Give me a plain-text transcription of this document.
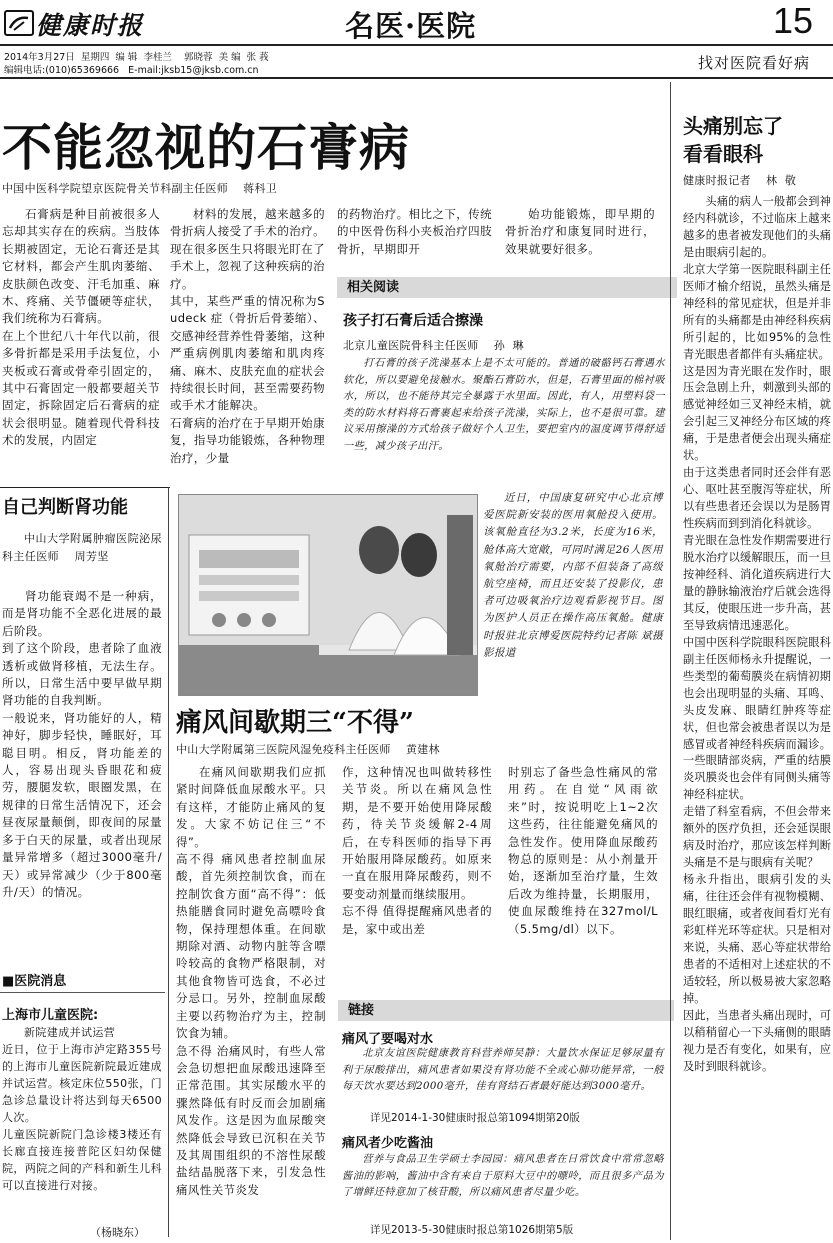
健康时报	名医·医院	15
2014年3月27日  星期四  编 辑  李桂兰    郭晓蓉  美 编  张 莪
编辑电话:(010)65369666   E-mail:jksb15@jksb.com.cn	找对医院看好病
不能忽视的石膏病
中国中医科学院望京医院骨关节科副主任医师    蒋科卫
石膏病是种目前被很多人忘却其实存在的疾病。当肢体长期被固定，无论石膏还是其它材料，都会产生肌肉萎缩、皮肤颜色改变、汗毛加重、麻木、疼痛、关节僵硬等症状，我们统称为石膏病。
在上个世纪八十年代以前，很多骨折都是采用手法复位，小夹板或石膏或骨牵引固定的，其中石膏固定一般都要超关节固定，拆除固定后石膏病的症状会很明显。随着现代骨科技术的发展，内固定
材料的发展，越来越多的骨折病人接受了手术的治疗。现在很多医生只将眼光盯在了手术上，忽视了这种疾病的治疗。
其中，某些严重的情况称为Sudeck 症（骨折后骨萎缩）、交感神经营养性骨萎缩，这种严重病例肌肉萎缩和肌肉疼痛、麻木、皮肤充血的症状会持续很长时间，甚至需要药物或手术才能解决。
石膏病的治疗在于早期开始康复，指导功能锻炼，各种物理治疗，少量
的药物治疗。相比之下，传统的中医骨伤科小夹板治疗四肢骨折，早期即开
始功能锻炼，即早期的骨折治疗和康复同时进行，效果就要好很多。
相关阅读
孩子打石膏后适合擦澡
北京儿童医院骨科主任医师    孙  琳
打石膏的孩子洗澡基本上是不太可能的。普通的破骼钙石膏遇水软化，所以要避免接触水。聚酯石膏防水，但是，石膏里面的棉衬吸水，所以，也不能待其完全暴露于水里面。因此，有人，用塑料袋一类的防水材料将石膏裹起来给孩子洗澡，实际上，也不是很可靠。建议采用擦澡的方式给孩子做好个人卫生，要把室内的温度调节得舒适一些，减少孩子出汗。
近日，中国康复研究中心北京博爱医院新安装的医用氧舱投入使用。该氧舱直径为3.2米，长度为16米，舱体高大宽敞，可同时满足26人医用氧舱治疗需要，内部不但装备了高级航空座椅，而且还安装了投影仪，患者可边吸氧治疗边观看影视节目。图为医护人员正在操作高压氧舱。健康时报驻北京博爱医院特约记者陈 斌摄影报道
自己判断肾功能
中山大学附属肿瘤医院泌尿科主任医师    周芳坚
肾功能衰竭不是一种病，而是肾功能不全恶化进展的最后阶段。
到了这个阶段，患者除了血液透析或做肾移植，无法生存。所以，日常生活中要早做早期肾功能的自我判断。
一般说来，肾功能好的人，精神好，脚步轻快，睡眠好，耳聪目明。相反，肾功能差的人，容易出现头昏眼花和疲劳，腰腿发软，眼圈发黑，在规律的日常生活情况下，还会昼夜尿量颠倒，即夜间的尿量多于白天的尿量，或者出现尿量异常增多（超过3000毫升/天）或异常减少（少于800毫升/天）的情况。
■医院消息
上海市儿童医院:
新院建成并试运营
近日，位于上海市泸定路355号的上海市儿童医院新院最近建成并试运营。核定床位550张，门急诊总量设计将达到每天6500人次。
儿童医院新院门急诊楼3楼还有长廊直接连接普陀区妇幼保健院，两院之间的产科和新生儿科可以直接进行对接。
（杨晓东）
痛风间歇期三“不得”
中山大学附属第三医院风湿免疫科主任医师    黄建林
在痛风间歇期我们应抓紧时间降低血尿酸水平。只有这样，才能防止痛风的复发。大家不妨记住三“不得”。
高不得 痛风患者控制血尿酸，首先须控制饮食，而在控制饮食方面“高不得”：低热能膳食同时避免高嘌呤食物，保持理想体重。在间歇期除对酒、动物内脏等含嘌呤较高的食物严格限制，对其他食物皆可选食，不必过分忌口。另外，控制血尿酸主要以药物治疗为主，控制饮食为辅。
急不得 治痛风时，有些人常会急切想把血尿酸迅速降至正常范围。其实尿酸水平的骤然降低有时反而会加剧痛风发作。这是因为血尿酸突然降低会导致已沉积在关节及其周围组织的不溶性尿酸盐结晶脱落下来，引发急性痛风性关节炎发
作，这种情况也叫做转移性关节炎。所以在痛风急性期，是不要开始使用降尿酸药，待关节炎缓解2-4周后，在专科医师的指导下再开始服用降尿酸药。如原来一直在服用降尿酸药，则不要变动剂量而继续服用。
忘不得 值得提醒痛风患者的是，家中或出差
时别忘了备些急性痛风的常用药。在自觉“风雨欲来”时，按说明吃上1~2次这些药，往往能避免痛风的急性发作。使用降血尿酸药物总的原则是：从小剂量开始，逐渐加至治疗量，生效后改为维持量，长期服用，使血尿酸维持在327mol/L（5.5mg/dl）以下。
链接
痛风了要喝对水
北京友谊医院健康教育科营养师吴静：大量饮水保证足够尿量有利于尿酸排出，痛风患者如果没有肾功能不全或心肺功能异常，一般每天饮水要达到2000毫升，佳有肾结石者最好能达到3000毫升。
详见2014-1-30健康时报总第1094期第20版
痛风者少吃酱油
头痛别忘了
看看眼科
健康时报记者    林  敬
头痛的病人一般都会到神经内科就诊，不过临床上越来越多的患者被发现他们的头痛是由眼病引起的。
北京大学第一医院眼科副主任医师才榆介绍说，虽然头痛是神经科的常见症状，但是并非所有的头痛都是由神经科疾病所引起的，比如95%的急性青光眼患者都伴有头痛症状。
这是因为青光眼在发作时，眼压会急剧上升，刺激到头部的感觉神经如三叉神经末梢，就会引起三叉神经分布区域的疼痛，于是患者便会出现头痛症状。
由于这类患者同时还会伴有恶心、呕吐甚至腹泻等症状，所以有些患者还会误以为是肠胃性疾病而到到消化科就诊。
青光眼在急性发作期需要进行脱水治疗以缓解眼压，而一旦按神经科、消化道疾病进行大量的静脉输液治疗后就会选得其反，使眼压进一步升高，甚至导致病情迅速恶化。
中国中医科学院眼科医院眼科副主任医师杨永升提醒说，一些类型的葡萄膜炎在病情初期也会出现明显的头痛、耳鸣、头皮发麻、眼睛红肿疼等症状，但也常会被患者误以为是感冒或者神经科疾病而漏诊。一些眼睛部炎病，严重的结膜炎巩膜炎也会伴有同侧头痛等神经科症状。
走错了科室看病，不但会带来额外的医疗负担，还会延误眼病及时治疗，那应该怎样判断头痛是不是与眼病有关呢？
杨永升指出，眼病引发的头痛，往往还会伴有视物模糊、眼红眼痛，或者夜间看灯光有彩虹样光环等症状。只是相对来说，头痛、恶心等症状带给患者的不适相对上述症状的不适较轻，所以极易被大家忽略掉。
因此，当患者头痛出现时，可以稍稍留心一下头痛侧的眼睛视力是否有变化，如果有，应及时到眼科就诊。
营养与食品卫生学硕士李园园：痛风患者在日常饮食中常常忽略酱油的影响，酱油中含有来自于原料大豆中的嘌呤，而且很多产品为了增鲜还特意加了核苷酸，所以痛风患者尽量少吃。
详见2013-5-30健康时报总第1026期第5版
